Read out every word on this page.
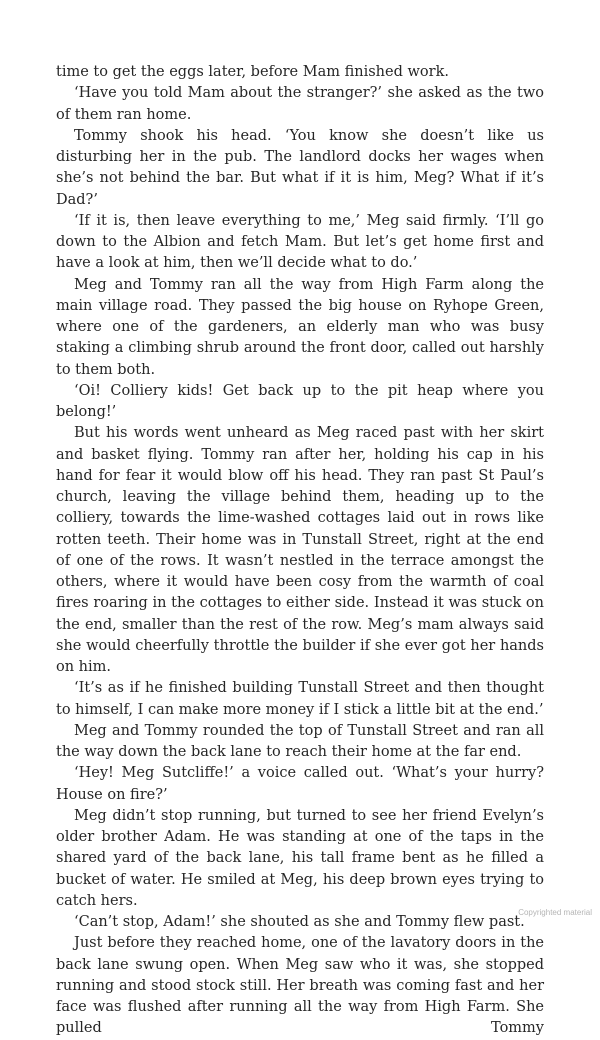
time to get the eggs later, before Mam finished work.

‘Have you told Mam about the stranger?’ she asked as the two of them ran home.

Tommy shook his head. ‘You know she doesn’t like us disturbing her in the pub. The landlord docks her wages when she’s not behind the bar. But what if it is him, Meg? What if it’s Dad?’

‘If it is, then leave everything to me,’ Meg said firmly. ‘I’ll go down to the Albion and fetch Mam. But let’s get home first and have a look at him, then we’ll decide what to do.’

Meg and Tommy ran all the way from High Farm along the main village road. They passed the big house on Ryhope Green, where one of the gardeners, an elderly man who was busy staking a climbing shrub around the front door, called out harshly to them both.

‘Oi! Colliery kids! Get back up to the pit heap where you belong!’

But his words went unheard as Meg raced past with her skirt and basket flying. Tommy ran after her, holding his cap in his hand for fear it would blow off his head. They ran past St Paul’s church, leaving the village behind them, heading up to the colliery, towards the lime-washed cottages laid out in rows like rotten teeth. Their home was in Tunstall Street, right at the end of one of the rows. It wasn’t nestled in the terrace amongst the others, where it would have been cosy from the warmth of coal fires roaring in the cottages to either side. Instead it was stuck on the end, smaller than the rest of the row. Meg’s mam always said she would cheerfully throttle the builder if she ever got her hands on him.

‘It’s as if he finished building Tunstall Street and then thought to himself, I can make more money if I stick a little bit at the end.’

Meg and Tommy rounded the top of Tunstall Street and ran all the way down the back lane to reach their home at the far end.

‘Hey! Meg Sutcliffe!’ a voice called out. ‘What’s your hurry? House on fire?’

Meg didn’t stop running, but turned to see her friend Evelyn’s older brother Adam. He was standing at one of the taps in the shared yard of the back lane, his tall frame bent as he filled a bucket of water. He smiled at Meg, his deep brown eyes trying to catch hers.

‘Can’t stop, Adam!’ she shouted as she and Tommy flew past.

Just before they reached home, one of the lavatory doors in the back lane swung open. When Meg saw who it was, she stopped running and stood stock still. Her breath was coming fast and her face was flushed after running all the way from High Farm. She pulled Tommy

Copyrighted material
